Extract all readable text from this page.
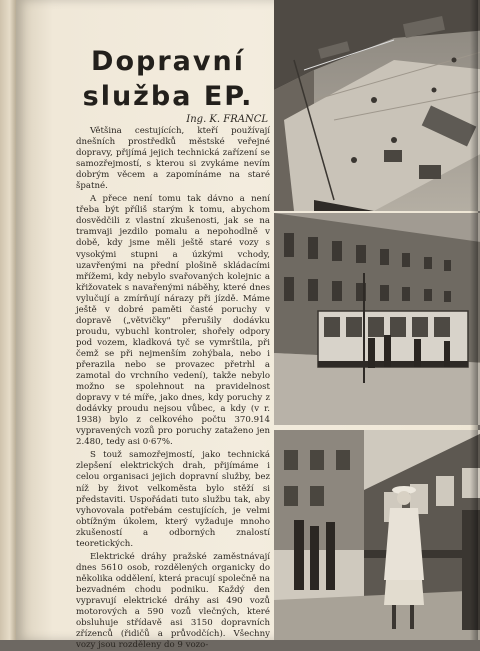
Dopravní
služba EP.
Ing. K. FRANCL

Většina cestujících, kteří používají dnešních prostředků městské veřejné dopravy, přijímá jejich technická zařízení se samozřejmostí, s kterou si zvykáme nevím dobrým věcem a zapomínáme na staré špatné.

A přece není tomu tak dávno a není třeba být příliš starým k tomu, abychom dosvědčili z vlastní zkušenosti, jak se na tramvaji jezdilo pomalu a nepohodlně v době, kdy jsme měli ještě staré vozy s vysokými stupni a úzkými vchody, uzavřenými na přední plošině skládacími mřížemi, kdy nebylo svařovaných kolejnic a křižovatek s navařenými náběhy, které dnes vylučují a zmírňují nárazy při jízdě. Máme ještě v dobré paměti časté poruchy v dopravě („větvičky" přerušily dodávku proudu, vybuchl kontroler, shořely odpory pod vozem, kladková tyč se vymrštila, při čemž se při nejmenším zohýbala, nebo i přerazila nebo se provazec přetrhl a zamotal do vrchního vedení), takže nebylo možno se spolehnout na pravidelnost dopravy v té míře, jako dnes, kdy poruchy z dodávky proudu nejsou vůbec, a kdy (v r. 1938) bylo z celkového počtu 370.914 vypravených vozů pro poruchy zataženo jen 2.480, tedy asi 0·67%.

S touž samozřejmostí, jako technická zlepšení elektrických drah, přijímáme i celou organisaci jejich dopravní služby, bez níž by život velkoměsta bylo stěží si představiti. Uspořádati tuto službu tak, aby vyhovovala potřebám cestujících, je velmi obtížným úkolem, který vyžaduje mnoho zkušeností a odborných znalostí teoretických.

Elektrické dráhy pražské zaměstnávají dnes 5610 osob, rozdělených organicky do několika oddělení, která pracují společně na bezvadném chodu podniku. Každý den vypravují elektrické dráhy asi 490 vozů motorových a 590 vozů vlečných, které obsluhuje střídavě asi 3150 dopravních zřízenců (řidičů a průvodčích). Všechny vozy jsou rozděleny do 9 vozo-
